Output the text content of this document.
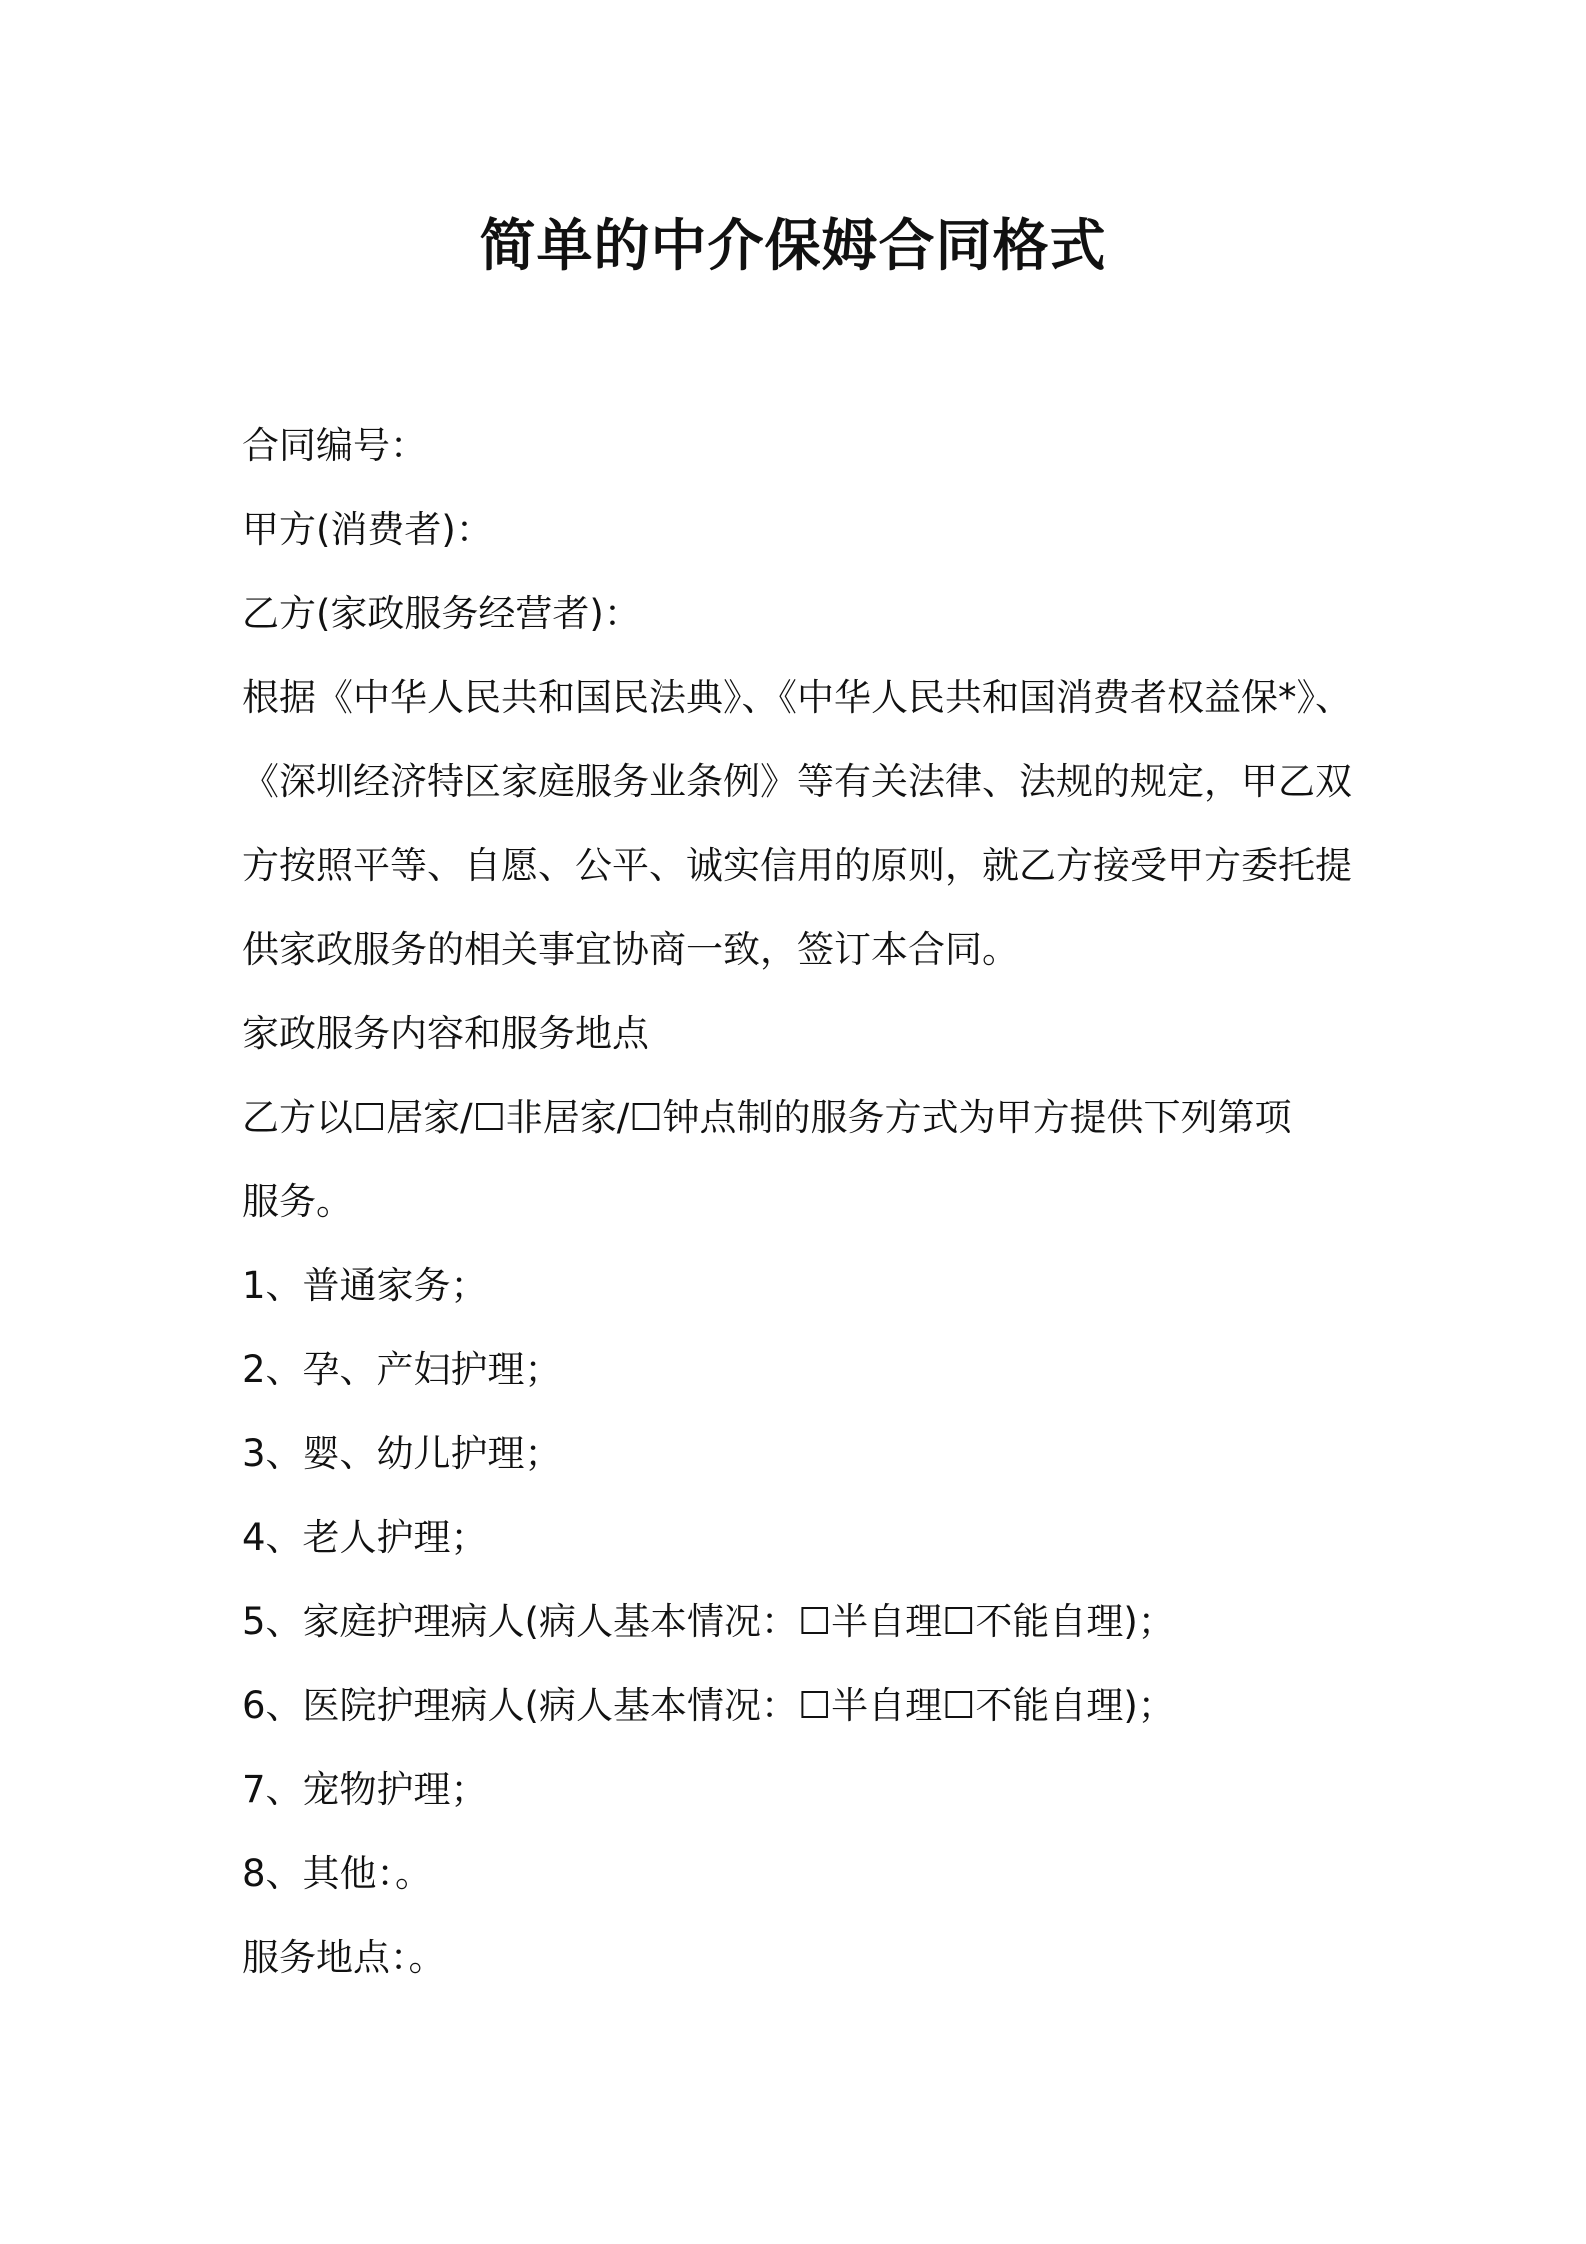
简单的中介保姆合同格式

合同编号：

甲方(消费者)：

乙方(家政服务经营者)：

根据《中华人民共和国民法典》、《中华人民共和国消费者权益保*》、

《深圳经济特区家庭服务业条例》等有关法律、法规的规定，甲乙双

方按照平等、自愿、公平、诚实信用的原则，就乙方接受甲方委托提

供家政服务的相关事宜协商一致，签订本合同。

家政服务内容和服务地点

乙方以☐居家/☐非居家/☐钟点制的服务方式为甲方提供下列第项

服务。

1、普通家务；

2、孕、产妇护理；

3、婴、幼儿护理；

4、老人护理；

5、家庭护理病人(病人基本情况：☐半自理☐不能自理)；

6、医院护理病人(病人基本情况：☐半自理☐不能自理)；

7、宠物护理；

8、其他：。

服务地点：。
